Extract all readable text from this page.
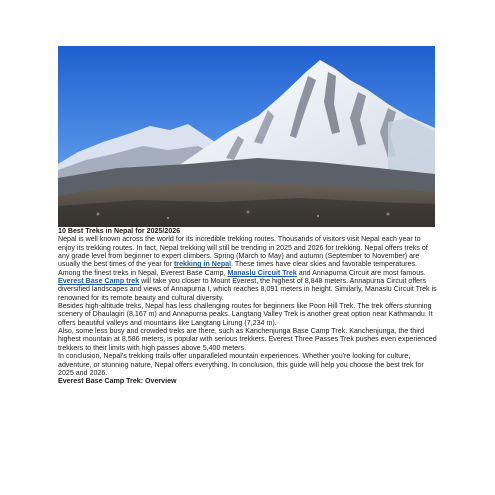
10 Best Treks in Nepal for 2025/2026

Nepal is well known across the world for its incredible trekking routes. Thousands of visitors visit Nepal each year to enjoy its trekking routes. In fact, Nepal trekking will still be trending in 2025 and 2026 for trekking. Nepal offers treks of any grade level from beginner to expert climbers. Spring (March to May) and autumn (September to November) are usually the best times of the year for trekking in Nepal. These times have clear skies and favorable temperatures.

Among the finest treks in Nepal, Everest Base Camp, Manaslu Circuit Trek and Annapurna Circuit are most famous. Everest Base Camp trek will take you closer to Mount Everest, the highest of 8,848 meters. Annapurna Circuit offers diversified landscapes and views of Annapurna I, which reaches 8,091 meters in height. Similarly, Manaslu Circuit Trek is renowned for its remote beauty and cultural diversity.

Besides high-altitude treks, Nepal has less challenging routes for beginners like Poon Hill Trek. The trek offers stunning scenery of Dhaulagiri (8,167 m) and Annapurna peaks. Langtang Valley Trek is another great option near Kathmandu. It offers beautiful valleys and mountains like Langtang Lirung (7,234 m).

Also, some less busy and crowded treks are there, such as Kanchenjunga Base Camp Trek. Kanchenjunga, the third highest mountain at 8,586 meters, is popular with serious trekkers. Everest Three Passes Trek pushes even experienced trekkers to their limits with high passes above 5,400 meters.

In conclusion, Nepal's trekking trails offer unparalleled mountain experiences. Whether you're looking for culture, adventure, or stunning nature, Nepal offers everything. In conclusion, this guide will help you choose the best trek for 2025 and 2026.

Everest Base Camp Trek: Overview
